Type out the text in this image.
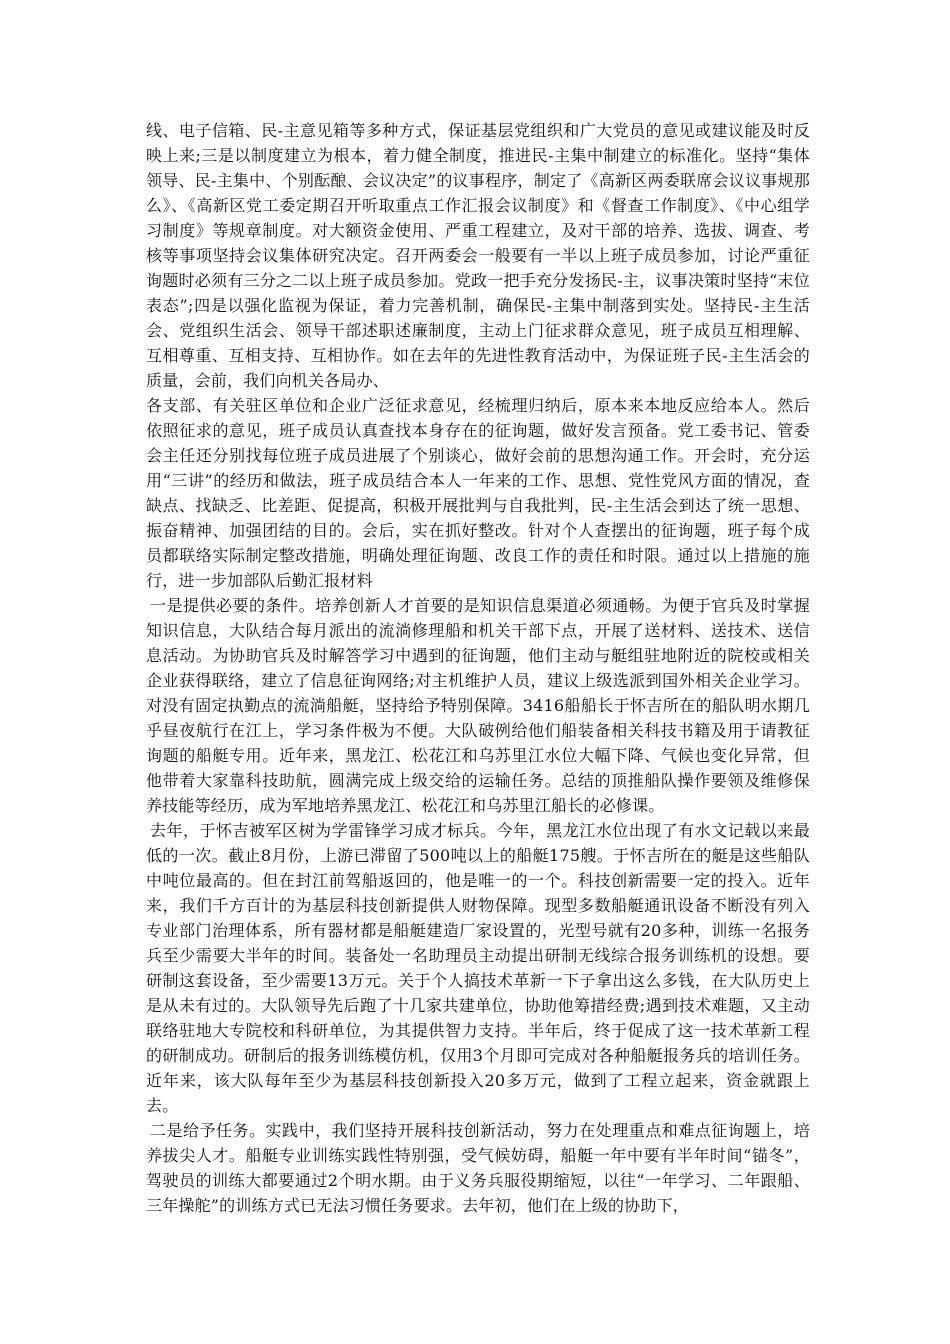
线、电子信箱、民-主意见箱等多种方式，保证基层党组织和广大党员的意见或建议能及时反映上来;三是以制度建立为根本，着力健全制度，推进民-主集中制建立的标准化。坚持“集体领导、民-主集中、个别酝酿、会议决定”的议事程序，制定了《高新区两委联席会议议事规那么》、《高新区党工委定期召开听取重点工作汇报会议制度》和《督查工作制度》、《中心组学习制度》等规章制度。对大额资金使用、严重工程建立，及对干部的培养、选拔、调查、考核等事项坚持会议集体研究决定。召开两委会一般要有一半以上班子成员参加，讨论严重征询题时必须有三分之二以上班子成员参加。党政一把手充分发扬民-主，议事决策时坚持“末位表态”;四是以强化监视为保证，着力完善机制，确保民-主集中制落到实处。坚持民-主生活会、党组织生活会、领导干部述职述廉制度，主动上门征求群众意见，班子成员互相理解、互相尊重、互相支持、互相协作。如在去年的先进性教育活动中，为保证班子民-主生活会的质量，会前，我们向机关各局办、

各支部、有关驻区单位和企业广泛征求意见，经梳理归纳后，原本来本地反应给本人。然后依照征求的意见，班子成员认真查找本身存在的征询题，做好发言预备。党工委书记、管委会主任还分别找每位班子成员进展了个别谈心，做好会前的思想沟通工作。开会时，充分运用“三讲”的经历和做法，班子成员结合本人一年来的工作、思想、党性党风方面的情况，查缺点、找缺乏、比差距、促提高，积极开展批判与自我批判，民-主生活会到达了统一思想、振奋精神、加强团结的目的。会后，实在抓好整改。针对个人查摆出的征询题，班子每个成员都联络实际制定整改措施，明确处理征询题、改良工作的责任和时限。通过以上措施的施行，进一步加部队后勤汇报材料

一是提供必要的条件。培养创新人才首要的是知识信息渠道必须通畅。为便于官兵及时掌握知识信息，大队结合每月派出的流淌修理船和机关干部下点，开展了送材料、送技术、送信息活动。为协助官兵及时解答学习中遇到的征询题，他们主动与艇组驻地附近的院校或相关企业获得联络，建立了信息征询网络;对主机维护人员，建议上级选派到国外相关企业学习。对没有固定执勤点的流淌船艇，坚持给予特别保障。3416船船长于怀吉所在的船队明水期几乎昼夜航行在江上，学习条件极为不便。大队破例给他们船装备相关科技书籍及用于请教征询题的船艇专用。近年来，黑龙江、松花江和乌苏里江水位大幅下降、气候也变化异常，但他带着大家靠科技助航，圆满完成上级交给的运输任务。总结的顶推船队操作要领及维修保养技能等经历，成为军地培养黑龙江、松花江和乌苏里江船长的必修课。

去年，于怀吉被军区树为学雷锋学习成才标兵。今年，黑龙江水位出现了有水文记载以来最低的一次。截止8月份，上游已滞留了500吨以上的船艇175艘。于怀吉所在的艇是这些船队中吨位最高的。但在封江前驾船返回的，他是唯一的一个。科技创新需要一定的投入。近年来，我们千方百计的为基层科技创新提供人财物保障。现型多数船艇通讯设备不断没有列入专业部门治理体系，所有器材都是船艇建造厂家设置的，光型号就有20多种，训练一名报务兵至少需要大半年的时间。装备处一名助理员主动提出研制无线综合报务训练机的设想。要研制这套设备，至少需要13万元。关于个人搞技术革新一下子拿出这么多钱，在大队历史上是从未有过的。大队领导先后跑了十几家共建单位，协助他筹措经费;遇到技术难题，又主动联络驻地大专院校和科研单位，为其提供智力支持。半年后，终于促成了这一技术革新工程的研制成功。研制后的报务训练模仿机，仅用3个月即可完成对各种船艇报务兵的培训任务。近年来，该大队每年至少为基层科技创新投入20多万元，做到了工程立起来，资金就跟上去。

二是给予任务。实践中，我们坚持开展科技创新活动，努力在处理重点和难点征询题上，培养拔尖人才。船艇专业训练实践性特别强，受气候妨碍，船艇一年中要有半年时间“锚冬”，驾驶员的训练大都要通过2个明水期。由于义务兵服役期缩短，以往“一年学习、二年跟船、三年操舵”的训练方式已无法习惯任务要求。去年初，他们在上级的协助下，
